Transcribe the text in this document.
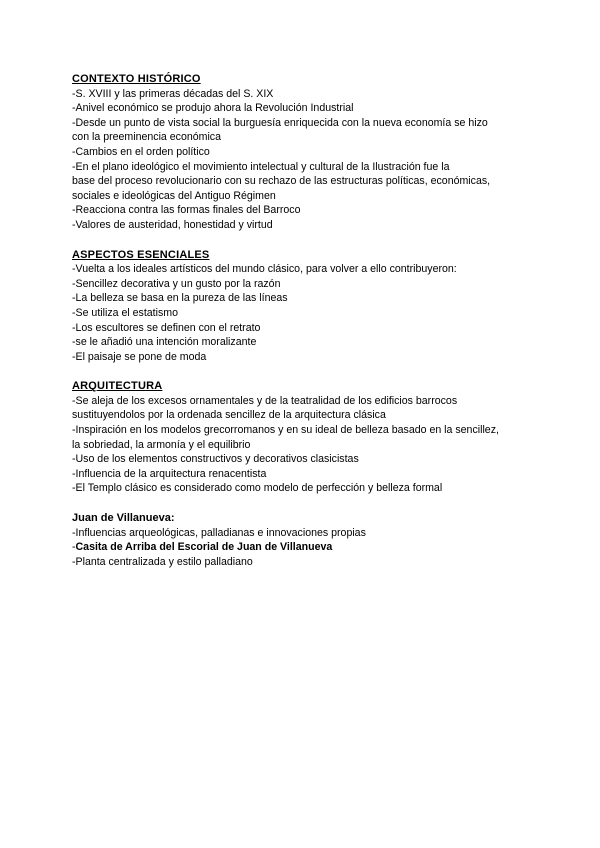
CONTEXTO HISTÓRICO
-S. XVIII y las primeras décadas del S. XIX
-Anivel económico se produjo ahora la Revolución Industrial
-Desde un punto de vista social la burguesía enriquecida con la nueva economía se hizo
con la preeminencia económica
-Cambios en el orden político
-En el plano ideológico el movimiento intelectual y cultural de la Ilustración fue la
base del proceso revolucionario con su rechazo de las estructuras políticas, económicas,
sociales e ideológicas del Antiguo Régimen
-Reacciona contra las formas finales del Barroco
-Valores de austeridad, honestidad y virtud
ASPECTOS ESENCIALES
-Vuelta a los ideales artísticos del mundo clásico, para volver a ello contribuyeron:
-Sencillez decorativa y un gusto por la razón
-La belleza se basa en la pureza de las líneas
-Se utiliza el estatismo
-Los escultores se definen con el retrato
-se le añadió una intención moralizante
-El paisaje se pone de moda
ARQUITECTURA
-Se aleja de los excesos ornamentales y de la teatralidad de los edificios barrocos
sustituyendolos por la ordenada sencillez de la arquitectura clásica
-Inspiración en los modelos grecorromanos y en su ideal de belleza basado en la sencillez,
la sobriedad, la armonía y el equilibrio
-Uso de los elementos constructivos y decorativos clasicistas
-Influencia de la arquitectura renacentista
-El Templo clásico es considerado como modelo de perfección y belleza formal
Juan de Villanueva:
-Influencias arqueológicas, palladianas e innovaciones propias
-Casita de Arriba del Escorial de Juan de Villanueva
-Planta centralizada y estilo palladiano
